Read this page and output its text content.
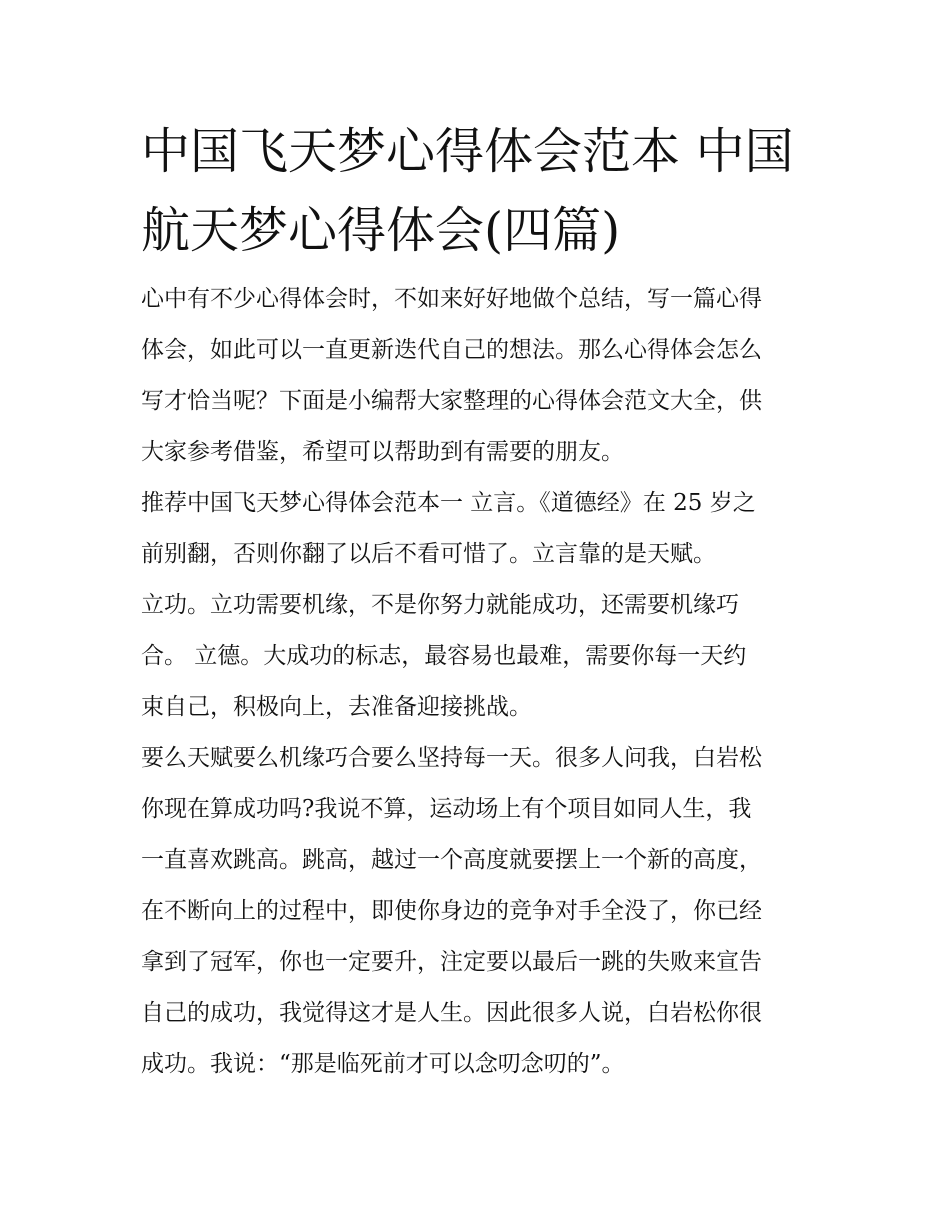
中国飞天梦心得体会范本 中国
航天梦心得体会(四篇)

心中有不少心得体会时，不如来好好地做个总结，写一篇心得
体会，如此可以一直更新迭代自己的想法。那么心得体会怎么
写才恰当呢？下面是小编帮大家整理的心得体会范文大全，供
大家参考借鉴，希望可以帮助到有需要的朋友。

推荐中国飞天梦心得体会范本一 立言。《道德经》在 25 岁之
前别翻，否则你翻了以后不看可惜了。立言靠的是天赋。

立功。立功需要机缘，不是你努力就能成功，还需要机缘巧
合。 立德。大成功的标志，最容易也最难，需要你每一天约
束自己，积极向上，去准备迎接挑战。

要么天赋要么机缘巧合要么坚持每一天。很多人问我，白岩松
你现在算成功吗?我说不算，运动场上有个项目如同人生，我
一直喜欢跳高。跳高，越过一个高度就要摆上一个新的高度，
在不断向上的过程中，即使你身边的竞争对手全没了，你已经
拿到了冠军，你也一定要升，注定要以最后一跳的失败来宣告
自己的成功，我觉得这才是人生。因此很多人说，白岩松你很
成功。我说：“那是临死前才可以念叨念叨的”。
